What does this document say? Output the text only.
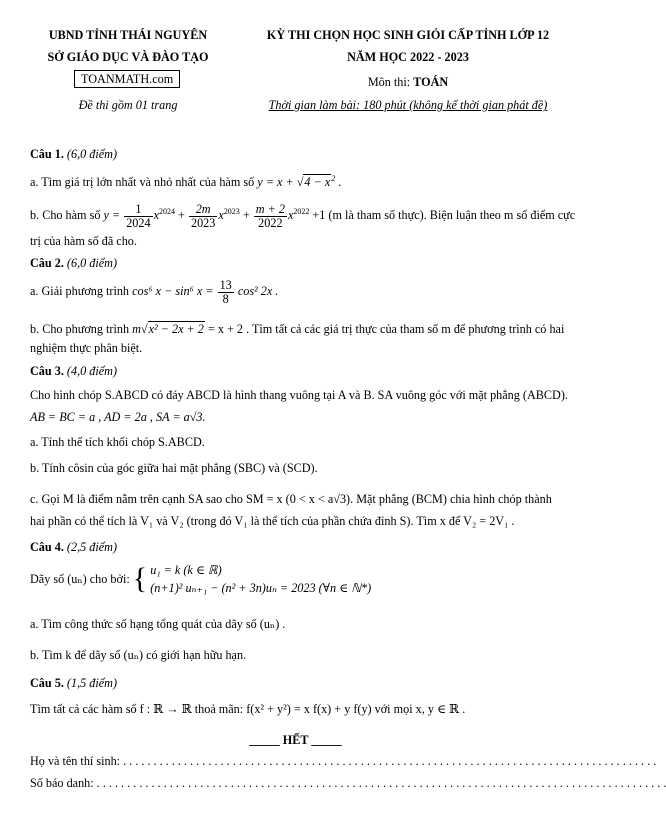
UBND TỈNH THÁI NGUYÊN
SỞ GIÁO DỤC VÀ ĐÀO TẠO
TOANMATH.com
Đề thi gồm 01 trang
KỲ THI CHỌN HỌC SINH GIỎI CẤP TỈNH LỚP 12
NĂM HỌC 2022 - 2023
Môn thi: TOÁN
Thời gian làm bài: 180 phút (không kể thời gian phát đề)
Câu 1. (6,0 điểm)
a. Tìm giá trị lớn nhất và nhỏ nhất của hàm số $y = x + √4 - x^2$ .
b. Cho hàm số $y = \frac{1}{2024} x^{2024} + \frac{2m}{2023} x^{2023} + \frac{m + 2}{2022} x^{2022} +1$ (m là tham số thực). Biện luận theo m số điểm cực
trị của hàm số đã cho.
Câu 2. (6,0 điểm)
a. Giải phương trình cos⁶ x − sin⁶ $x = \frac{13}{8} \cos^2$ 2x .
b. Cho phương trình m√x² − 2x + 2 = x + 2 . Tìm tất cả các giá trị thực của tham số m để phương trình có hai
nghiệm thực phân biệt.
Câu 3. (4,0 điểm)
Cho hình chóp S.ABCD có đáy ABCD là hình thang vuông tại A và B. SA vuông góc với mặt phẳng (ABCD).
AB = BC = a , AD = 2a , SA = a√3.
a. Tính thể tích khối chóp S.ABCD.
b. Tính côsin của góc giữa hai mặt phẳng (SBC) và (SCD).
c. Gọi M là điểm nằm trên cạnh SA sao cho SM = x (0 < x < a√3). Mặt phẳng (BCM) chia hình chóp thành
hai phần có thể tích là V₁ và V₂ (trong đó V₁ là thể tích của phần chứa đỉnh S). Tìm x để V₂ = 2V₁ .
Câu 4. (2,5 điểm)
Dãy số (uₙ) cho bởi: { u₁ = k (k ∈ ℝ)
(n+1)² uₙ₊₁ − (n² + 3n)uₙ = 2023 (∀n ∈ ℕ*)
a. Tìm công thức số hạng tổng quát của dãy số (uₙ) .
b. Tìm k để dãy số (uₙ) có giới hạn hữu hạn.
Câu 5. (1,5 điểm)
Tìm tất cả các hàm số f : ℝ → ℝ thoả mãn: f(x² + y²) = x f(x) + y f(y) với mọi x, y ∈ ℝ .
_____ HẾT _____
Họ và tên thí sinh: . . . . . . . . . . . . . . . . . . . . . . . . . . . . . . . . . . . . . . . . . . . . . . . . . . . . . . . . . . . . . . . . . . . . . . . . . . . . . . . . . . . . . . . .
Số báo danh: . . . . . . . . . . . . . . . . . . . . . . . . . . . . . . . . . . . . . . . . . . . . . . . . . . . . . . . . . . . . . . . . . . . . . . . . . . . . . . . . . . . . . . . . . . . . . .
